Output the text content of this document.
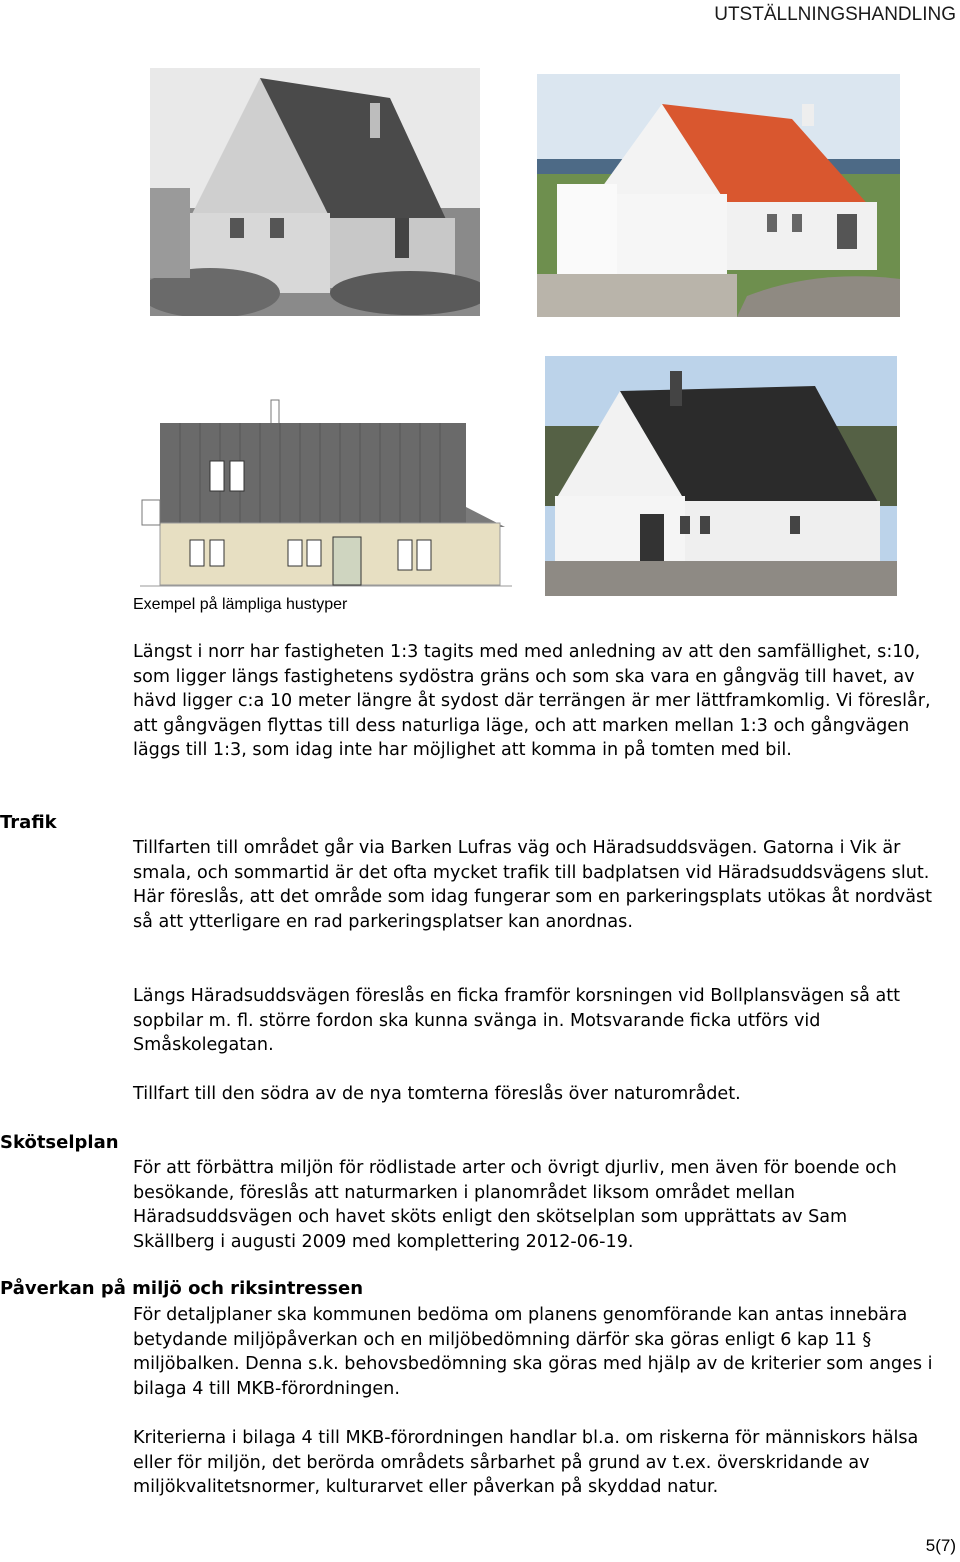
UTSTÄLLNINGSHANDLING
Exempel på lämpliga hustyper

Längst i norr har fastigheten 1:3 tagits med med anledning av att den samfällighet, s:10, som ligger längs fastighetens sydöstra gräns och som ska vara en gångväg till havet, av hävd ligger c:a 10 meter längre åt sydost där terrängen är mer lättframkomlig. Vi föreslår, att gångvägen flyttas till dess naturliga läge, och att marken mellan 1:3 och gångvägen läggs till 1:3, som idag inte har möjlighet att komma in på tomten med bil.

Trafik

Tillfarten till området går via Barken Lufras väg och Häradsuddsvägen. Gatorna i Vik är smala, och sommartid är det ofta mycket trafik till badplatsen vid Häradsuddsvägens slut. Här föreslås, att det område som idag fungerar som en parkeringsplats utökas åt nordväst så att ytterligare en rad parkeringsplatser kan anordnas.

Längs Häradsuddsvägen föreslås en ficka framför korsningen vid Bollplansvägen så att sopbilar m. fl. större fordon ska kunna svänga in. Motsvarande ficka utförs vid Småskolegatan.

Tillfart till den södra av de nya tomterna föreslås över naturområdet.

Skötselplan

För att förbättra miljön för rödlistade arter och övrigt djurliv, men även för boende och besökande, föreslås att naturmarken i planområdet liksom området mellan Häradsuddsvägen och havet sköts enligt den skötselplan som upprättats av Sam Skällberg i augusti 2009 med komplettering 2012-06-19.

Påverkan på miljö och riksintressen

För detaljplaner ska kommunen bedöma om planens genomförande kan antas innebära betydande miljöpåverkan och en miljöbedömning därför ska göras enligt 6 kap 11 § miljöbalken. Denna s.k. behovsbedömning ska göras med hjälp av de kriterier som anges i bilaga 4 till MKB-förordningen.

Kriterierna i bilaga 4 till MKB-förordningen handlar bl.a. om riskerna för människors hälsa eller för miljön, det berörda områdets sårbarhet på grund av t.ex. överskridande av miljökvalitetsnormer, kulturarvet eller påverkan på skyddad natur.

5(7)
